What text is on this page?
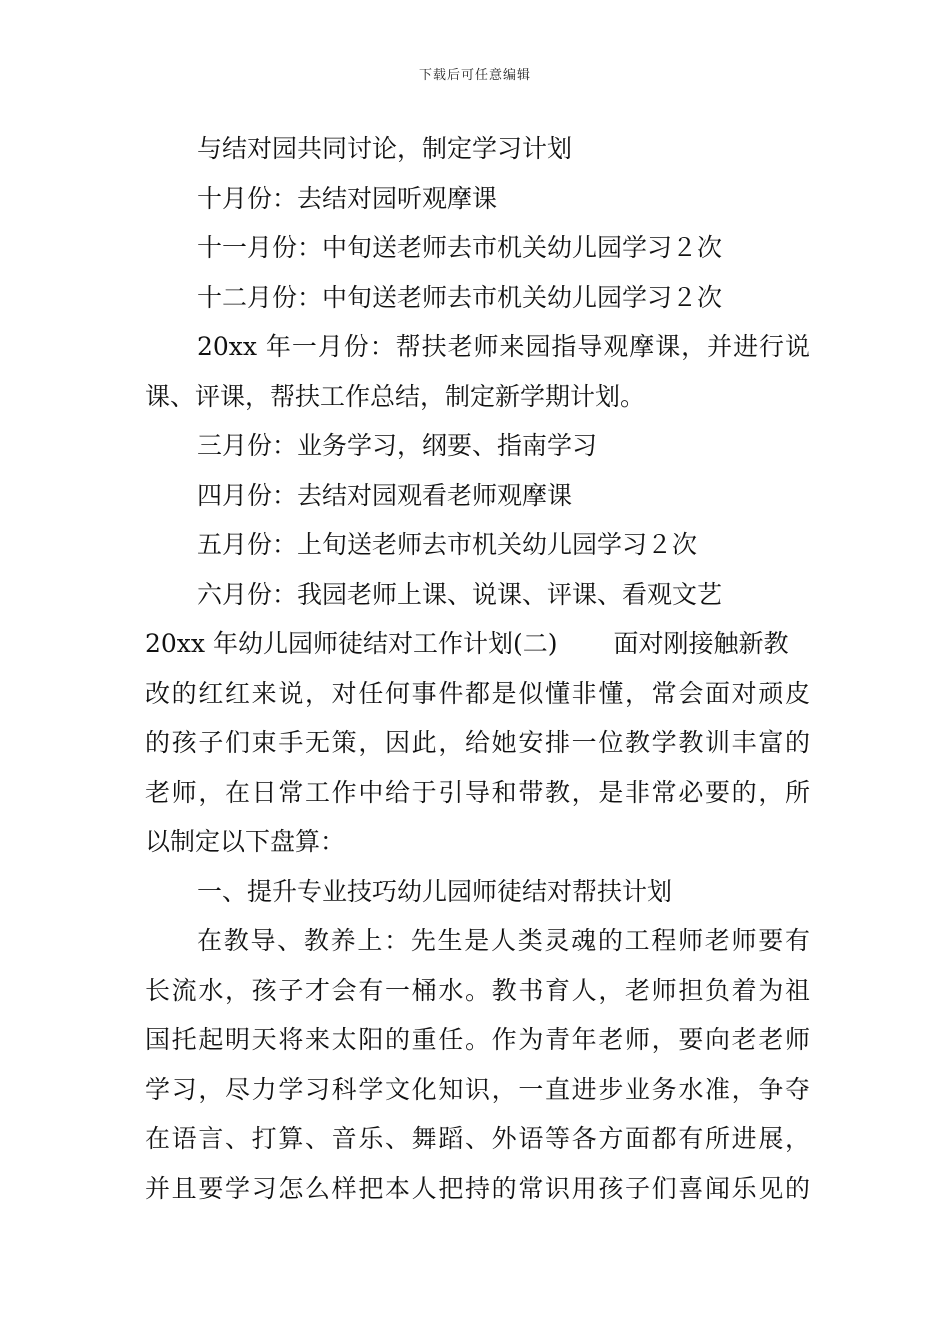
下载后可任意编辑
与结对园共同讨论，制定学习计划
十月份：去结对园听观摩课
十一月份：中旬送老师去市机关幼儿园学习２次
十二月份：中旬送老师去市机关幼儿园学习２次
20xx 年一月份：帮扶老师来园指导观摩课，并进行说
课、评课，帮扶工作总结，制定新学期计划。
三月份：业务学习，纲要、指南学习
四月份：去结对园观看老师观摩课
五月份：上旬送老师去市机关幼儿园学习２次
六月份：我园老师上课、说课、评课、看观文艺
20xx 年幼儿园师徒结对工作计划(二) 面对刚接触新教
改的红红来说，对任何事件都是似懂非懂，常会面对顽皮
的孩子们束手无策，因此，给她安排一位教学教训丰富的
老师，在日常工作中给于引导和带教，是非常必要的，所
以制定以下盘算：
一、提升专业技巧幼儿园师徒结对帮扶计划
在教导、教养上：先生是人类灵魂的工程师老师要有
长流水，孩子才会有一桶水。教书育人，老师担负着为祖
国托起明天将来太阳的重任。作为青年老师，要向老老师
学习，尽力学习科学文化知识，一直进步业务水准，争夺
在语言、打算、音乐、舞蹈、外语等各方面都有所进展，
并且要学习怎么样把本人把持的常识用孩子们喜闻乐见的
